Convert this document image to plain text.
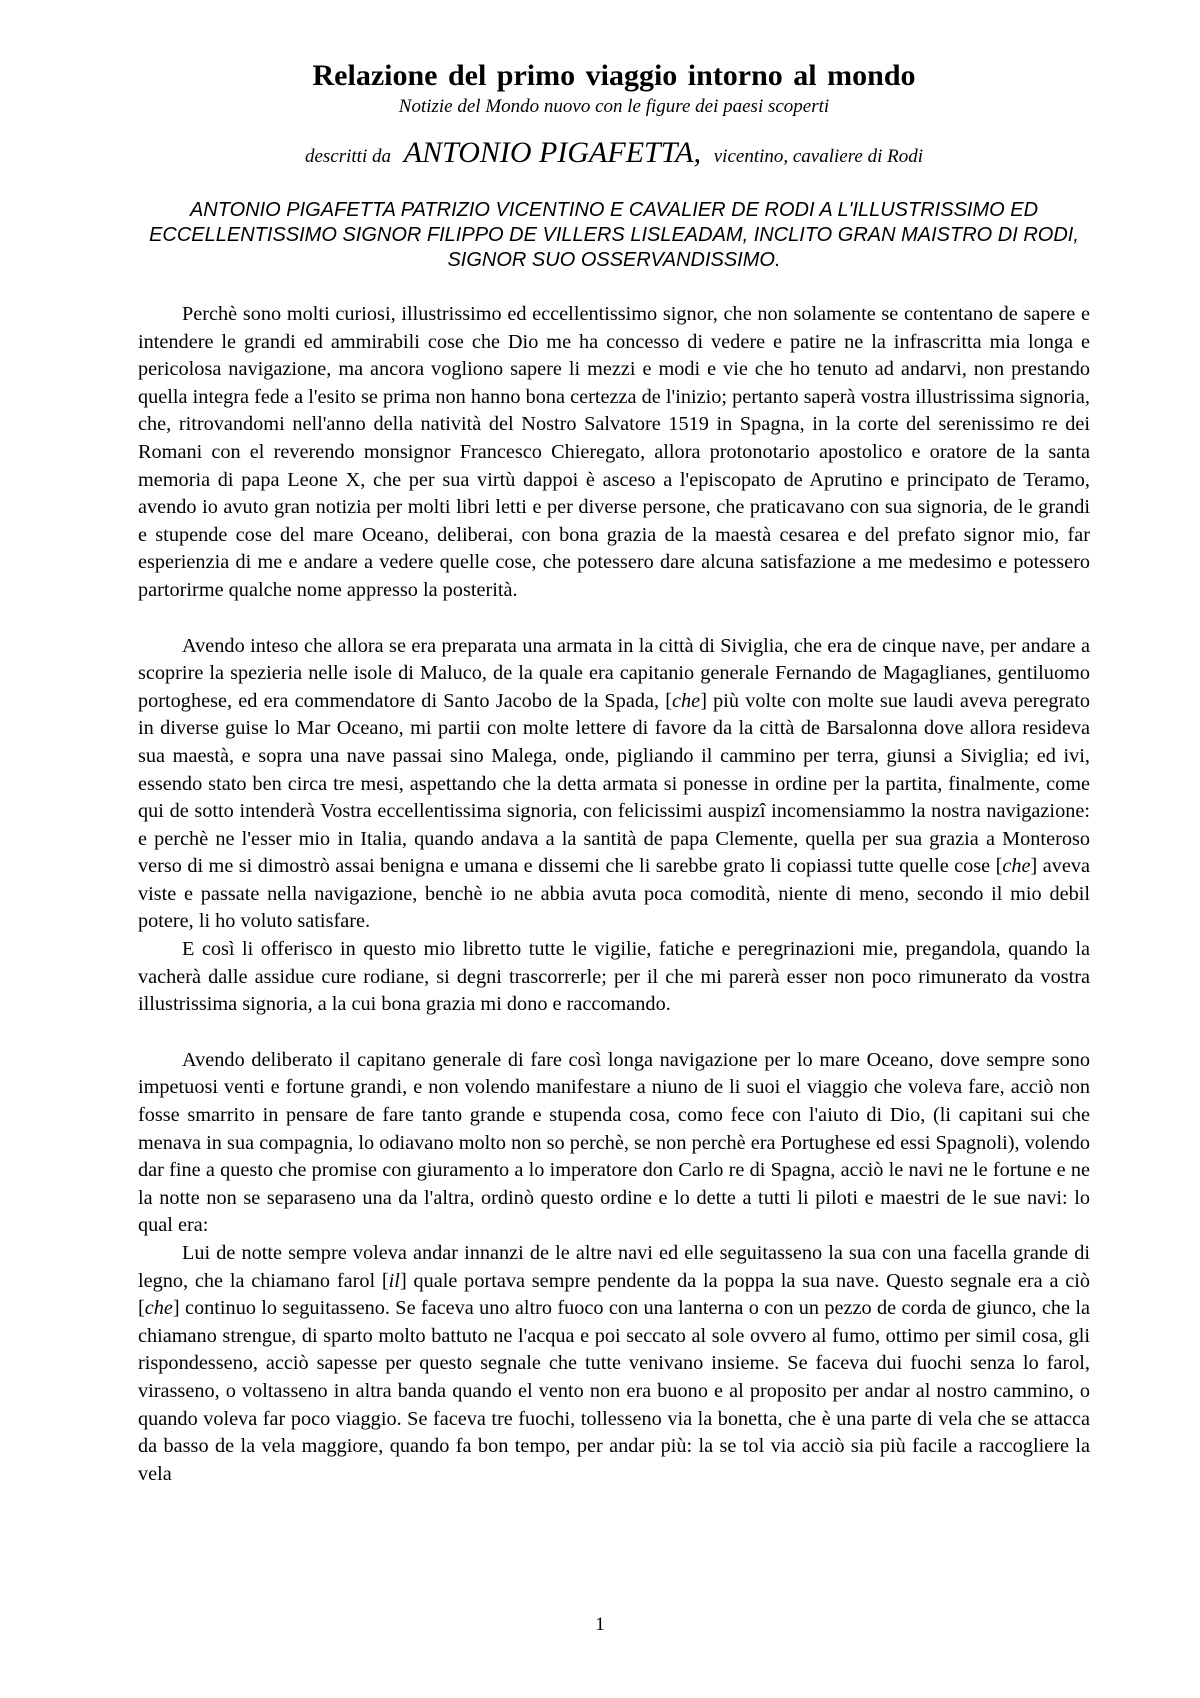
Relazione del primo viaggio intorno al mondo

Notizie del Mondo nuovo con le figure dei paesi scoperti

descritti da ANTONIO PIGAFETTA, vicentino, cavaliere di Rodi

ANTONIO PIGAFETTA PATRIZIO VICENTINO E CAVALIER DE RODI A L'ILLUSTRISSIMO ED ECCELLENTISSIMO SIGNOR FILIPPO DE VILLERS LISLEADAM, INCLITO GRAN MAISTRO DI RODI, SIGNOR SUO OSSERVANDISSIMO.

Perchè sono molti curiosi, illustrissimo ed eccellentissimo signor, che non solamente se contentano de sapere e intendere le grandi ed ammirabili cose che Dio me ha concesso di vedere e patire ne la infrascritta mia longa e pericolosa navigazione, ma ancora vogliono sapere li mezzi e modi e vie che ho tenuto ad andarvi, non prestando quella integra fede a l'esito se prima non hanno bona certezza de l'inizio; pertanto saperà vostra illustrissima signoria, che, ritrovandomi nell'anno della natività del Nostro Salvatore 1519 in Spagna, in la corte del serenissimo re dei Romani con el reverendo monsignor Francesco Chieregato, allora protonotario apostolico e oratore de la santa memoria di papa Leone X, che per sua virtù dappoi è asceso a l'episcopato de Aprutino e principato de Teramo, avendo io avuto gran notizia per molti libri letti e per diverse persone, che praticavano con sua signoria, de le grandi e stupende cose del mare Oceano, deliberai, con bona grazia de la maestà cesarea e del prefato signor mio, far esperienzia di me e andare a vedere quelle cose, che potessero dare alcuna satisfazione a me medesimo e potessero partorirme qualche nome appresso la posterità.

Avendo inteso che allora se era preparata una armata in la città di Siviglia, che era de cinque nave, per andare a scoprire la spezieria nelle isole di Maluco, de la quale era capitanio generale Fernando de Magaglianes, gentiluomo portoghese, ed era commendatore di Santo Jacobo de la Spada, [che] più volte con molte sue laudi aveva peregrato in diverse guise lo Mar Oceano, mi partii con molte lettere di favore da la città de Barsalonna dove allora resideva sua maestà, e sopra una nave passai sino Malega, onde, pigliando il cammino per terra, giunsi a Siviglia; ed ivi, essendo stato ben circa tre mesi, aspettando che la detta armata si ponesse in ordine per la partita, finalmente, come qui de sotto intenderà Vostra eccellentissima signoria, con felicissimi auspizî incomensiammo la nostra navigazione: e perchè ne l'esser mio in Italia, quando andava a la santità de papa Clemente, quella per sua grazia a Monteroso verso di me si dimostrò assai benigna e umana e dissemi che li sarebbe grato li copiassi tutte quelle cose [che] aveva viste e passate nella navigazione, benchè io ne abbia avuta poca comodità, niente di meno, secondo il mio debil potere, li ho voluto satisfare.

E così li offerisco in questo mio libretto tutte le vigilie, fatiche e peregrinazioni mie, pregandola, quando la vacherà dalle assidue cure rodiane, si degni trascorrerle; per il che mi parerà esser non poco rimunerato da vostra illustrissima signoria, a la cui bona grazia mi dono e raccomando.

Avendo deliberato il capitano generale di fare così longa navigazione per lo mare Oceano, dove sempre sono impetuosi venti e fortune grandi, e non volendo manifestare a niuno de li suoi el viaggio che voleva fare, acciò non fosse smarrito in pensare de fare tanto grande e stupenda cosa, como fece con l'aiuto di Dio, (li capitani sui che menava in sua compagnia, lo odiavano molto non so perchè, se non perchè era Portughese ed essi Spagnoli), volendo dar fine a questo che promise con giuramento a lo imperatore don Carlo re di Spagna, acciò le navi ne le fortune e ne la notte non se separaseno una da l'altra, ordinò questo ordine e lo dette a tutti li piloti e maestri de le sue navi: lo qual era:

Lui de notte sempre voleva andar innanzi de le altre navi ed elle seguitasseno la sua con una facella grande di legno, che la chiamano farol [il] quale portava sempre pendente da la poppa la sua nave. Questo segnale era a ciò [che] continuo lo seguitasseno. Se faceva uno altro fuoco con una lanterna o con un pezzo de corda de giunco, che la chiamano strengue, di sparto molto battuto ne l'acqua e poi seccato al sole ovvero al fumo, ottimo per simil cosa, gli rispondesseno, acciò sapesse per questo segnale che tutte venivano insieme. Se faceva dui fuochi senza lo farol, virasseno, o voltasseno in altra banda quando el vento non era buono e al proposito per andar al nostro cammino, o quando voleva far poco viaggio. Se faceva tre fuochi, tollesseno via la bonetta, che è una parte di vela che se attacca da basso de la vela maggiore, quando fa bon tempo, per andar più: la se tol via acciò sia più facile a raccogliere la vela

1
